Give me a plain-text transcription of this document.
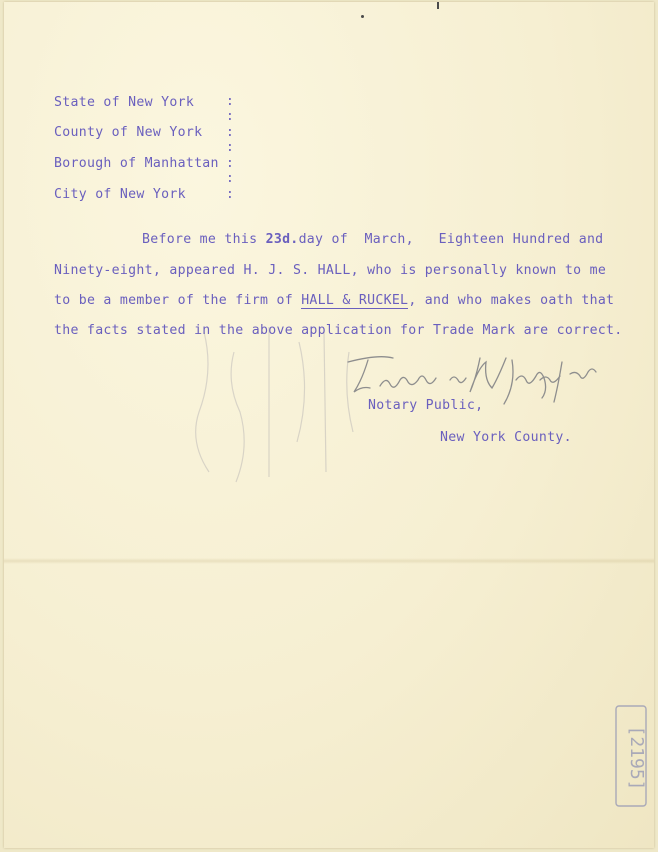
State of New York
County of New York
Borough of Manhattan
City of New York
:
:
:
:
:
:
:
Before me this 23d.day of  March,   Eighteen Hundred and
Ninety-eight, appeared H. J. S. HALL, who is personally known to me
to be a member of the firm of HALL & RUCKEL, and who makes oath that
the facts stated in the above application for Trade Mark are correct.
Notary Public,
New York County.
[2195]
